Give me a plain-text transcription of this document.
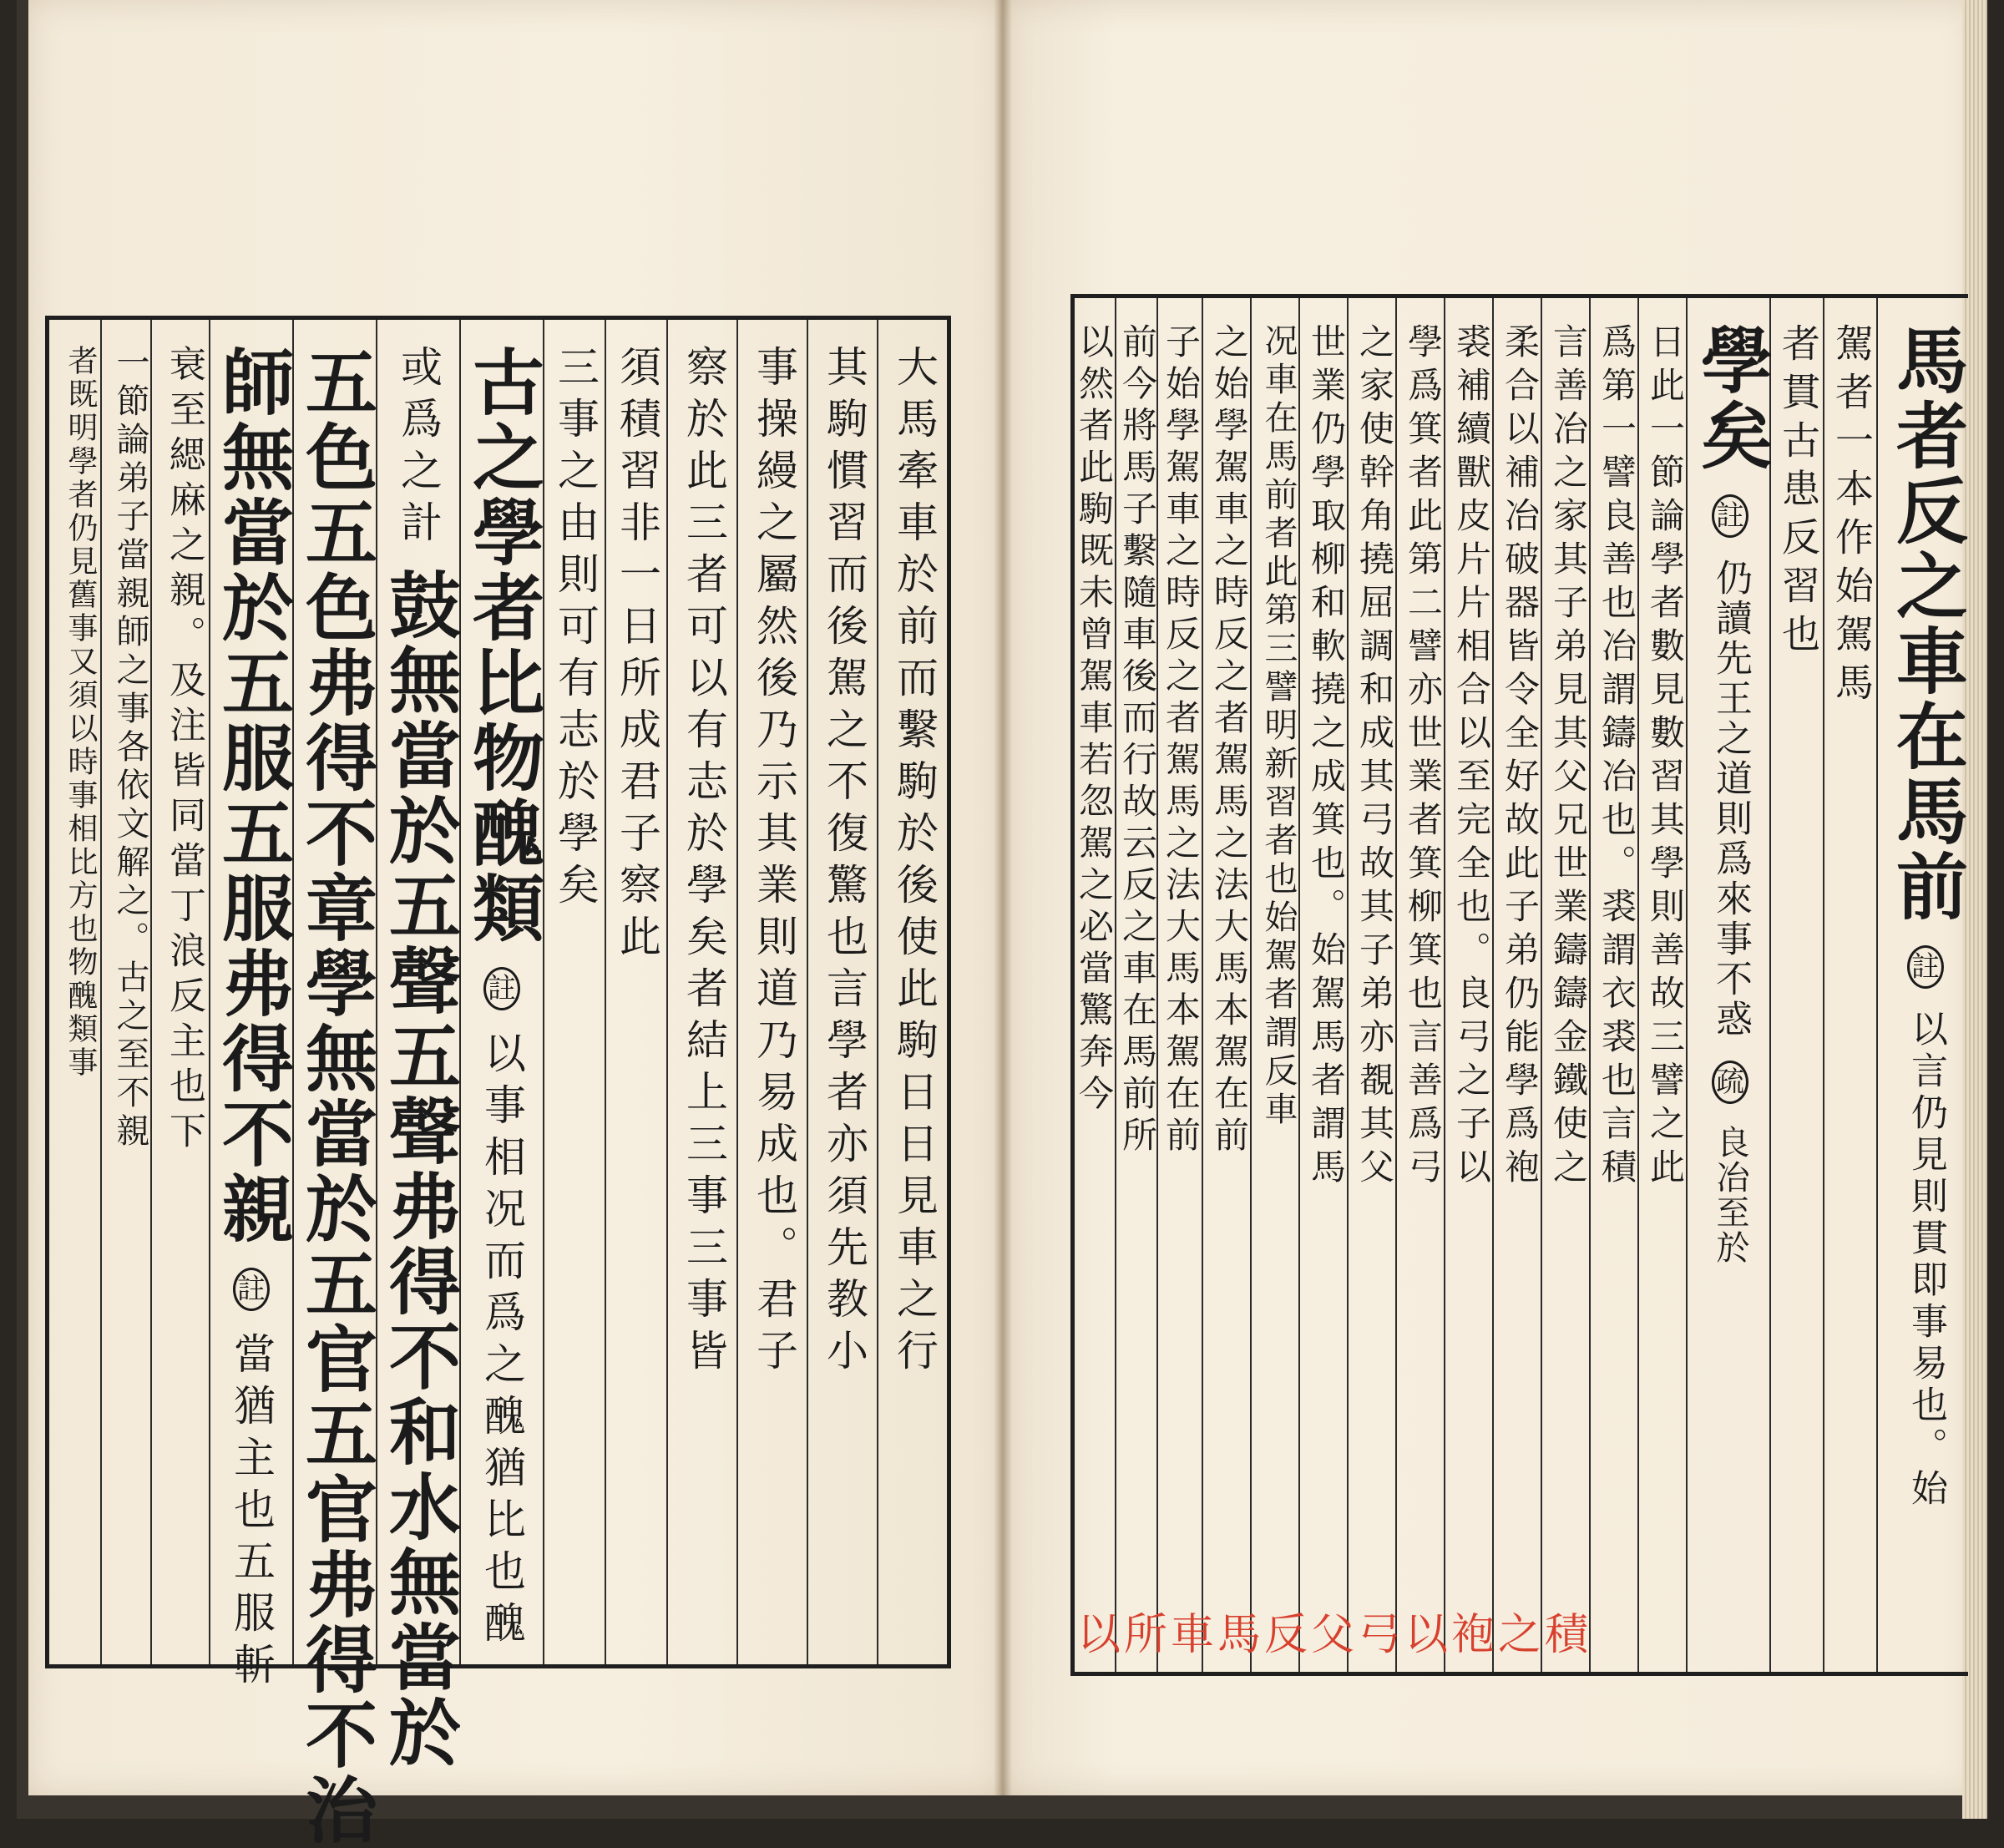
大馬牽車於前而繫駒於後使此駒日日見車之行
其駒慣習而後駕之不復驚也言學者亦須先教小
事操縵之屬然後乃示其業則道乃易成也。君子
察於此三者可以有志於學矣者結上三事三事皆
須積習非一日所成君子察此
三事之由則可有志於學矣
古之學者比物醜類 註 以事相况而爲之醜猶比也醜
或爲之計 鼓無當於五聲五聲弗得不和水無當於
五色五色弗得不章學無當於五官五官弗得不治
師無當於五服五服弗得不親 註 當猶主也五服斬
衰至緦麻之親。及注皆同當丁浪反主也下
一節論弟子當親師之事各依文解之。古之至不親
者既明學者仍見舊事又須以時事相比方也物醜類事	馬者反之車在馬前 註 以言仍見則貫即事易也。始
駕者一本作始駕馬
者貫古患反習也
學矣 註 仍讀先王之道則爲來事不惑 疏 良冶至於
日此一節論學者數見數習其學則善故三譬之此
爲第一譬良善也冶謂鑄冶也。裘謂衣裘也言積
言善冶之家其子弟見其父兄世業鑄鑄金鐵使之
柔合以補冶破器皆令全好故此子弟仍能學爲袍
裘補續獸皮片片相合以至完全也。良弓之子以
學爲箕者此第二譬亦世業者箕柳箕也言善爲弓
之家使幹角撓屈調和成其弓故其子弟亦覩其父
世業仍學取柳和軟撓之成箕也。始駕馬者謂馬
况車在馬前者此第三譬明新習者也始駕者謂反車
之始學駕車之時反之者駕馬之法大馬本駕在前
子始學駕車之時反之者駕馬之法大馬本駕在前
前今將馬子繫隨車後而行故云反之車在馬前所
以然者此駒既未曾駕車若忽駕之必當驚奔今
以所車馬反父弓以袍之積
